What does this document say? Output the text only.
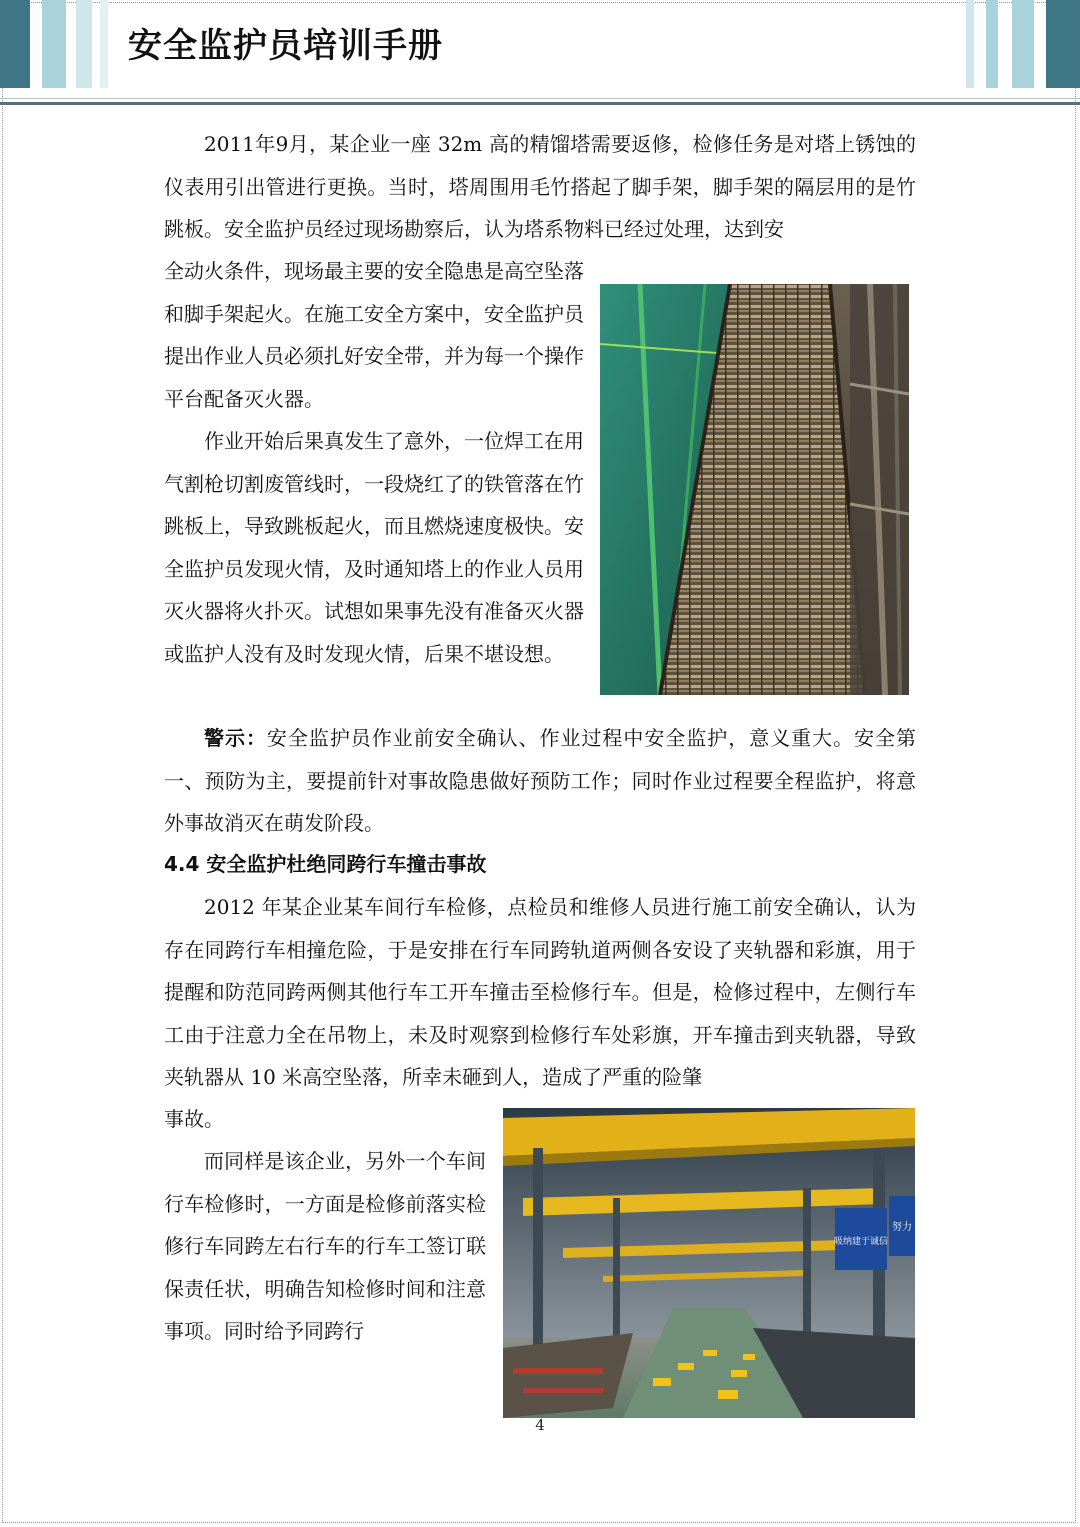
安全监护员培训手册

2011年9月，某企业一座 32m 高的精馏塔需要返修，检修任务是对塔上锈蚀的仪表用引出管进行更换。当时，塔周围用毛竹搭起了脚手架，脚手架的隔层用的是竹跳板。安全监护员经过现场勘察后，认为塔系物料已经过处理，达到安

全动火条件，现场最主要的安全隐患是高空坠落和脚手架起火。在施工安全方案中，安全监护员提出作业人员必须扎好安全带，并为每一个操作平台配备灭火器。

作业开始后果真发生了意外，一位焊工在用气割枪切割废管线时，一段烧红了的铁管落在竹跳板上，导致跳板起火，而且燃烧速度极快。安全监护员发现火情，及时通知塔上的作业人员用灭火器将火扑灭。试想如果事先没有准备灭火器或监护人没有及时发现火情，后果不堪设想。

警示：安全监护员作业前安全确认、作业过程中安全监护，意义重大。安全第一、预防为主，要提前针对事故隐患做好预防工作；同时作业过程要全程监护，将意外事故消灭在萌发阶段。

4.4 安全监护杜绝同跨行车撞击事故

2012 年某企业某车间行车检修，点检员和维修人员进行施工前安全确认，认为存在同跨行车相撞危险，于是安排在行车同跨轨道两侧各安设了夹轨器和彩旗，用于提醒和防范同跨两侧其他行车工开车撞击至检修行车。但是，检修过程中，左侧行车工由于注意力全在吊物上，未及时观察到检修行车处彩旗，开车撞击到夹轨器，导致夹轨器从 10 米高空坠落，所幸未砸到人，造成了严重的险肇

事故。

而同样是该企业，另外一个车间行车检修时，一方面是检修前落实检修行车同跨左右行车的行车工签订联保责任状，明确告知检修时间和注意事项。同时给予同跨行

吸纳建于诚信
努力
4
